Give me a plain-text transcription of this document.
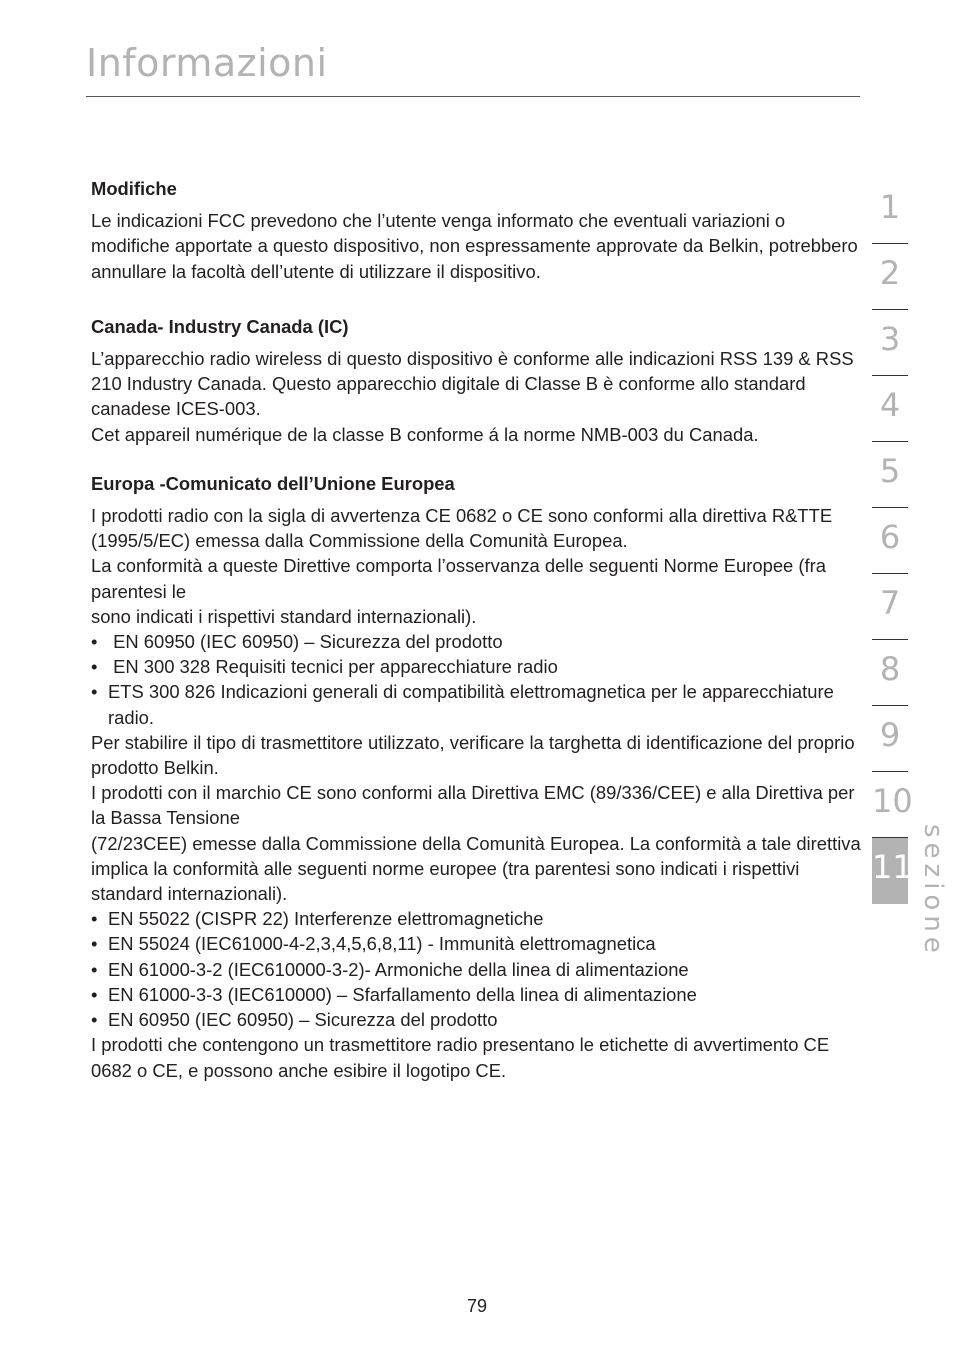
Informazioni
Modifiche

Le indicazioni FCC prevedono che l’utente venga informato che eventuali variazioni o modifiche apportate a questo dispositivo, non espressamente approvate da Belkin, potrebbero annullare la facoltà dell’utente di utilizzare il dispositivo.

Canada- Industry Canada (IC)

L’apparecchio radio wireless di questo dispositivo è conforme alle indicazioni RSS 139 & RSS 210 Industry Canada. Questo apparecchio digitale di Classe B è conforme allo standard canadese ICES-003.

Cet appareil numérique de la classe B conforme á la norme NMB-003 du Canada.

Europa -Comunicato dell’Unione Europea

I prodotti radio con la sigla di avvertenza CE 0682 o CE sono conformi alla direttiva R&TTE (1995/5/EC) emessa dalla Commissione della Comunità Europea.

La conformità a queste Direttive comporta l’osservanza delle seguenti Norme Europee (fra parentesi le

sono indicati i rispettivi standard internazionali).

• EN 60950 (IEC 60950) – Sicurezza del prodotto

• EN 300 328 Requisiti tecnici per apparecchiature radio

• ETS 300 826 Indicazioni generali di compatibilità elettromagnetica per le apparecchiature radio.

Per stabilire il tipo di trasmettitore utilizzato, verificare la targhetta di identificazione del proprio prodotto Belkin.

I prodotti con il marchio CE sono conformi alla Direttiva EMC (89/336/CEE) e alla Direttiva per la Bassa Tensione

(72/23CEE) emesse dalla Commissione della Comunità Europea. La conformità a tale direttiva implica la conformità alle seguenti norme europee (tra parentesi sono indicati i rispettivi standard internazionali).

• EN 55022 (CISPR 22) Interferenze elettromagnetiche

• EN 55024 (IEC61000-4-2,3,4,5,6,8,11) - Immunità elettromagnetica

• EN 61000-3-2 (IEC610000-3-2)- Armoniche della linea di alimentazione

• EN 61000-3-3 (IEC610000) – Sfarfallamento della linea di alimentazione

• EN 60950 (IEC 60950) – Sicurezza del prodotto

I prodotti che contengono un trasmettitore radio presentano le etichette di avvertimento CE 0682 o CE, e possono anche esibire il logotipo CE.

1
2
3
4
5
6
7
8
9
10
11 sezione
79
